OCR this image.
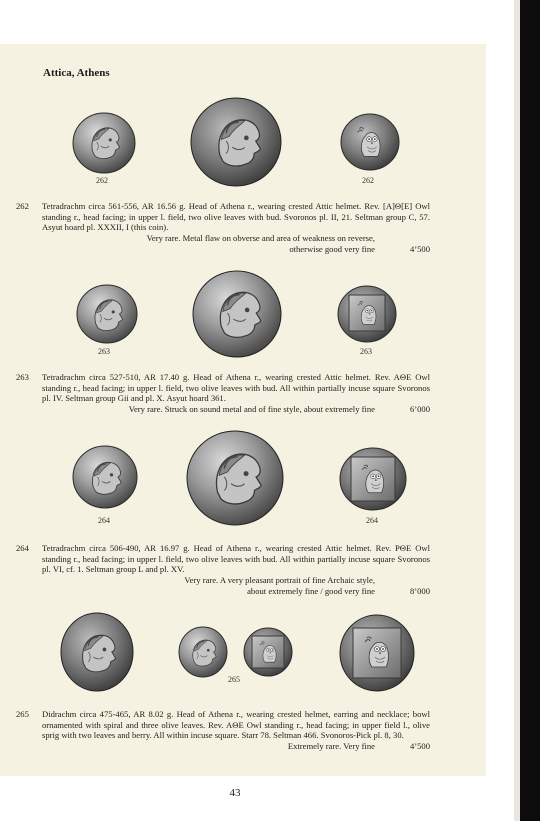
Attica, Athens
262	262
262 Tetradrachm circa 561-556, AR 16.56 g. Head of Athena r., wearing crested Attic helmet. Rev. [A]Θ[E] Owl standing r., head facing; in upper l. field, two olive leaves with bud. Svoronos pl. II, 21. Seltman group C, 57. Asyut hoard pl. XXXII, I (this coin).

Very rare. Metal flaw on obverse and area of weakness on reverse,
otherwise good very fine	4’500
263	263
263 Tetradrachm circa 527-510, AR 17.40 g. Head of Athena r., wearing crested Attic helmet. Rev. AΘE Owl standing r., head facing; in upper l. field, two olive leaves with bud. All within partially incuse square Svoronos pl. IV. Seltman group Gii and pl. X. Asyut hoard 361.

Very rare. Struck on sound metal and of fine style, about extremely fine	6’000
264	264
264 Tetradrachm circa 506-490, AR 16.97 g. Head of Athena r., wearing crested Attic helmet. Rev. PΘE Owl standing r., head facing; in upper l. field, two olive leaves with bud. All within partially incuse square Svoronos pl. VI, cf. 1. Seltman group L and pl. XV.

Very rare. A very pleasant portrait of fine Archaic style,
about extremely fine / good very fine	8’000
265
265 Didrachm circa 475-465, AR 8.02 g. Head of Athena r., wearing crested helmet, earring and necklace; bowl ornamented with spiral and three olive leaves. Rev. AΘE Owl standing r., head facing; in upper field l., olive sprig with two leaves and berry. All within incuse square. Starr 78. Seltman 466. Svonoros-Pick pl. 8, 30.

Extremely rare. Very fine	4’500
43
